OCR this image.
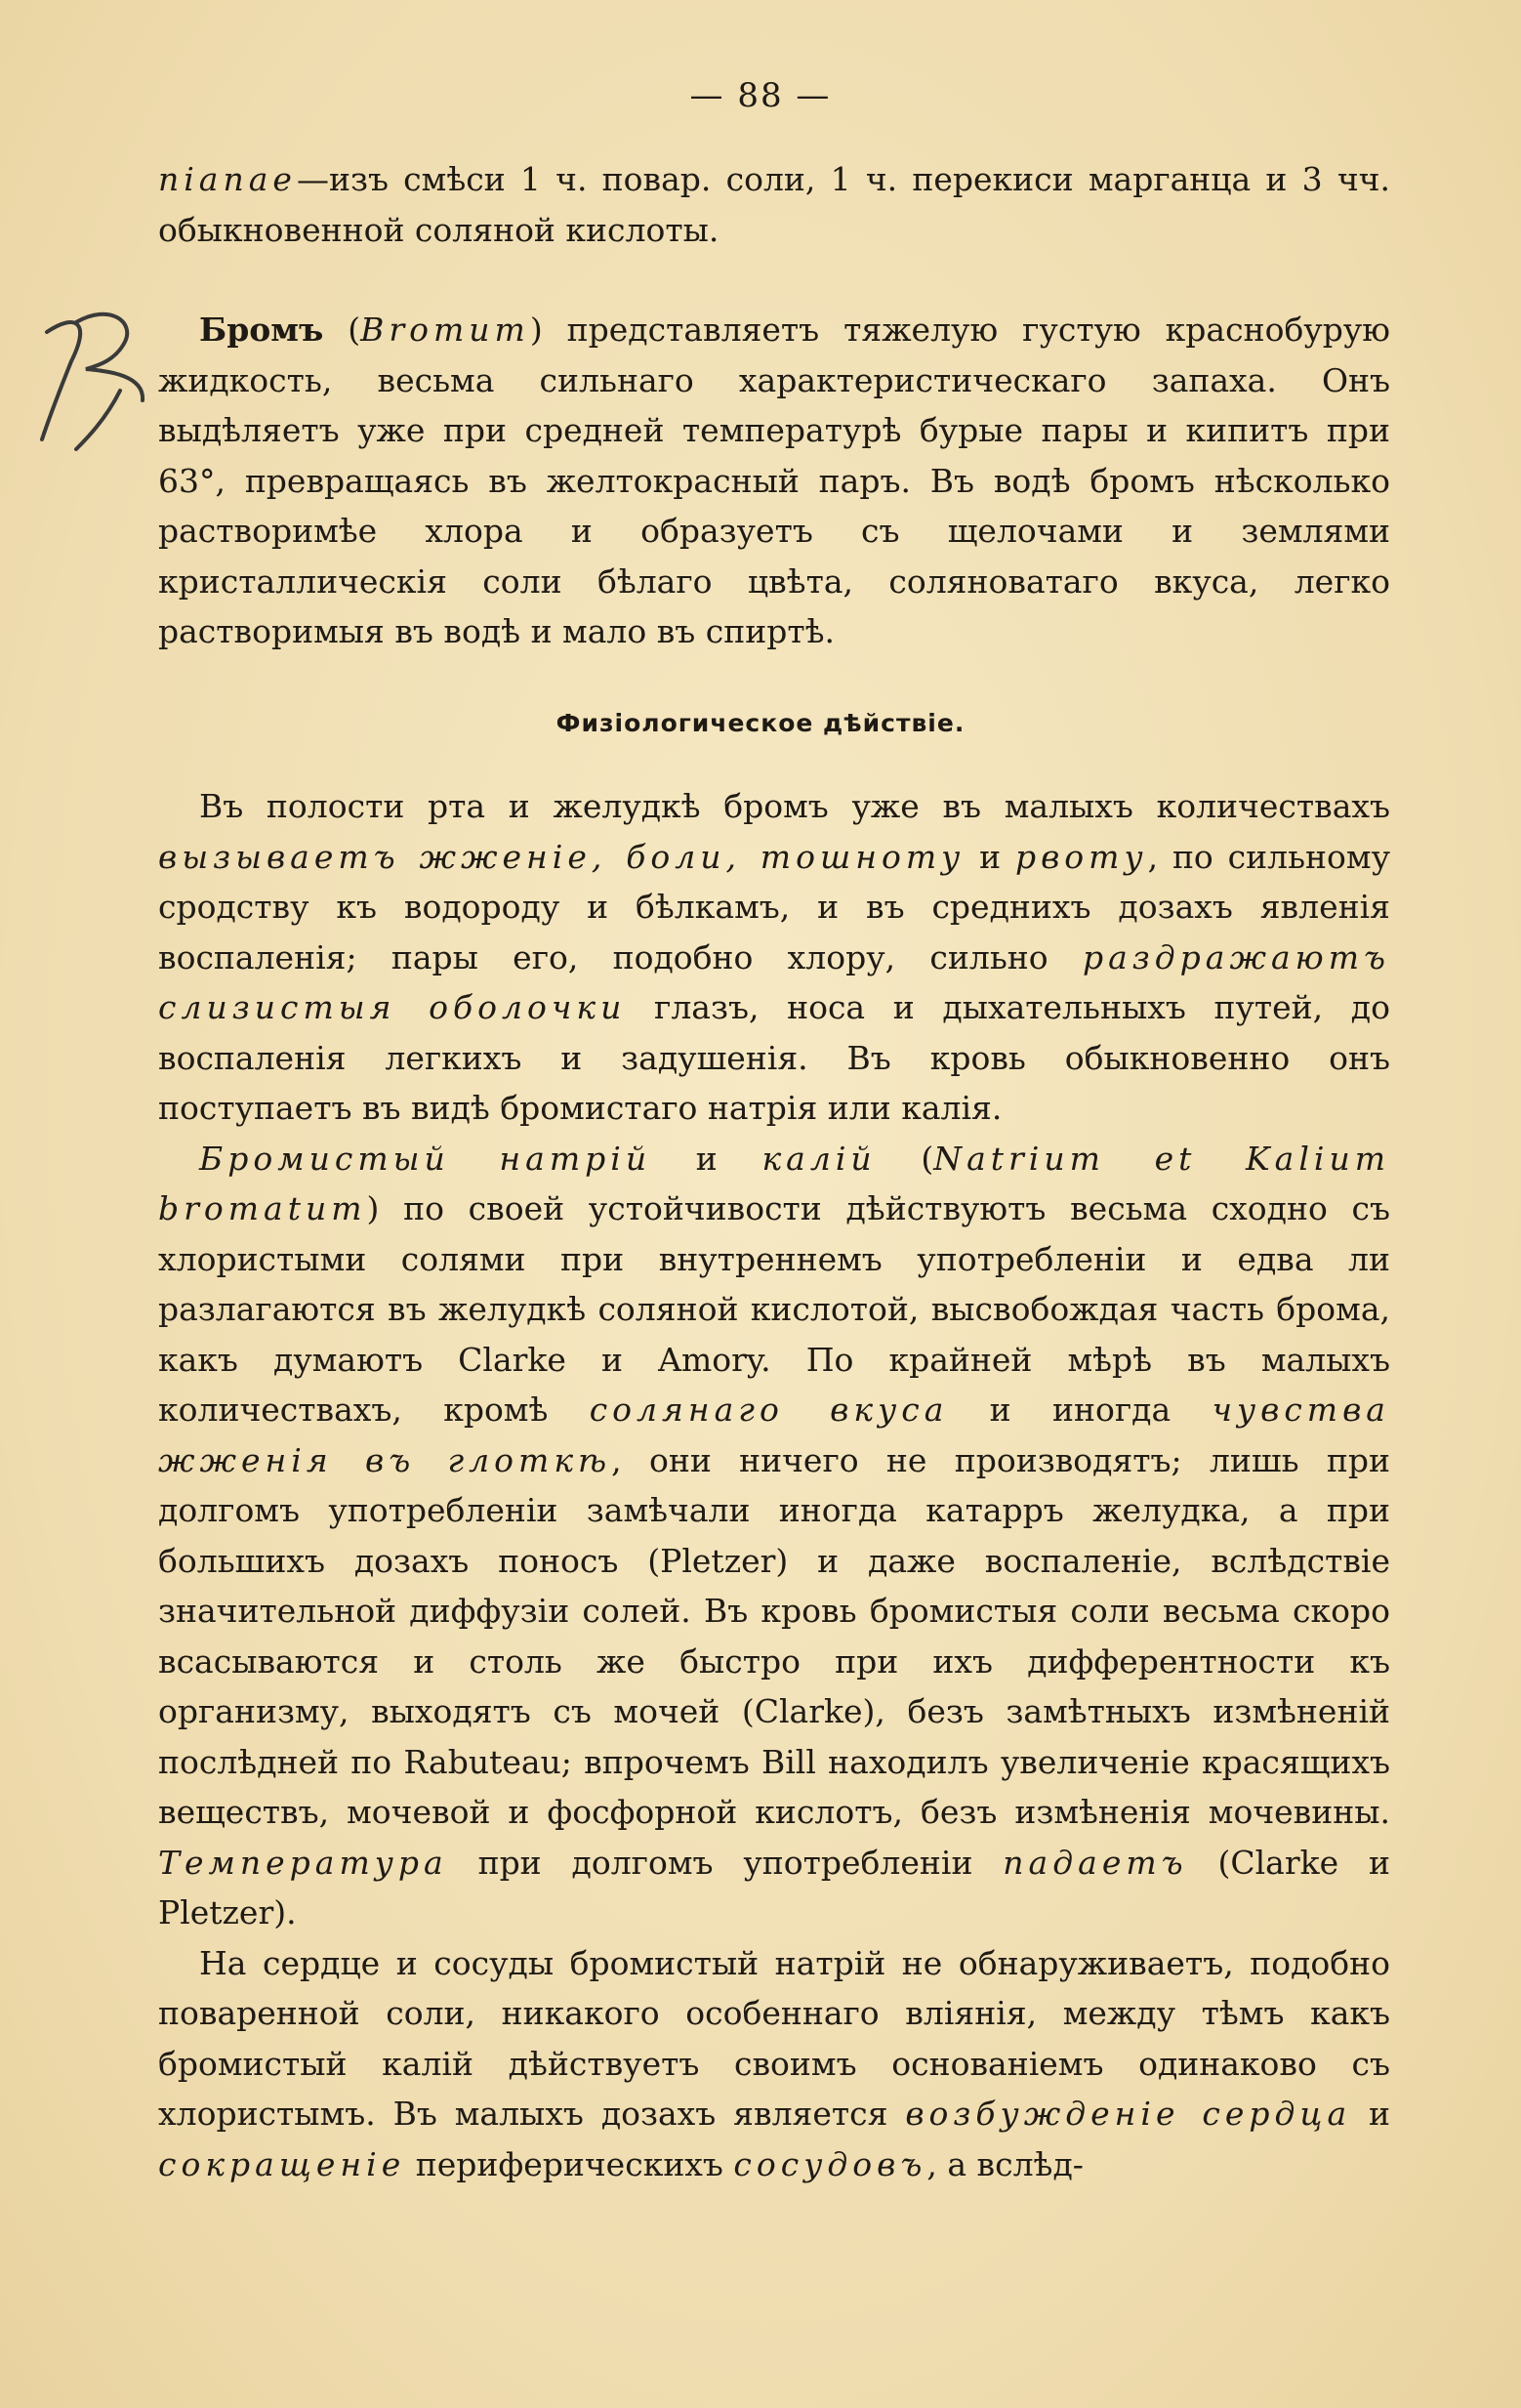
— 88 —

nianae—изъ смѣси 1 ч. повар. соли, 1 ч. перекиси марганца и 3 чч. обыкновенной соляной кислоты.

Бромъ (Bromum) представляетъ тяжелую густую краснобурую жидкость, весьма сильнаго характеристическаго запаха. Онъ выдѣляетъ уже при средней температурѣ бурые пары и кипитъ при 63°, превращаясь въ желтокрасный паръ. Въ водѣ бромъ нѣсколько растворимѣе хлора и образуетъ съ щелочами и землями кристаллическія соли бѣлаго цвѣта, соляноватаго вкуса, легко растворимыя въ водѣ и мало въ спиртѣ.

Физіологическое дѣйствіе.

Въ полости рта и желудкѣ бромъ уже въ малыхъ количествахъ вызываетъ жженіе, боли, тошноту и рвоту, по сильному сродству къ водороду и бѣлкамъ, и въ среднихъ дозахъ явленія воспаленія; пары его, подобно хлору, сильно раздражаютъ слизистыя оболочки глазъ, носа и дыхательныхъ путей, до воспаленія легкихъ и задушенія. Въ кровь обыкновенно онъ поступаетъ въ видѣ бромистаго натрія или калія.

Бромистый натрій и калій (Natrium et Kalium bromatum) по своей устойчивости дѣйствуютъ весьма сходно съ хлористыми солями при внутреннемъ употребленіи и едва ли разлагаются въ желудкѣ соляной кислотой, высвобождая часть брома, какъ думаютъ Clarke и Amory. По крайней мѣрѣ въ малыхъ количествахъ, кромѣ солянаго вкуса и иногда чувства жженія въ глоткѣ, они ничего не производятъ; лишь при долгомъ употребленіи замѣчали иногда катарръ желудка, а при большихъ дозахъ поносъ (Pletzer) и даже воспаленіе, вслѣдствіе значительной диффузіи солей. Въ кровь бромистыя соли весьма скоро всасываются и столь же быстро при ихъ дифферентности къ организму, выходятъ съ мочей (Clarke), безъ замѣтныхъ измѣненій послѣдней по Rabuteau; впрочемъ Bill находилъ увеличеніе красящихъ веществъ, мочевой и фосфорной кислотъ, безъ измѣненія мочевины. Температура при долгомъ употребленіи падаетъ (Clarke и Pletzer).

На сердце и сосуды бромистый натрій не обнаруживаетъ, подобно поваренной соли, никакого особеннаго вліянія, между тѣмъ какъ бромистый калій дѣйствуетъ своимъ основаніемъ одинаково съ хлористымъ. Въ малыхъ дозахъ является возбужденіе сердца и сокращеніе периферическихъ сосудовъ, а вслѣд-
